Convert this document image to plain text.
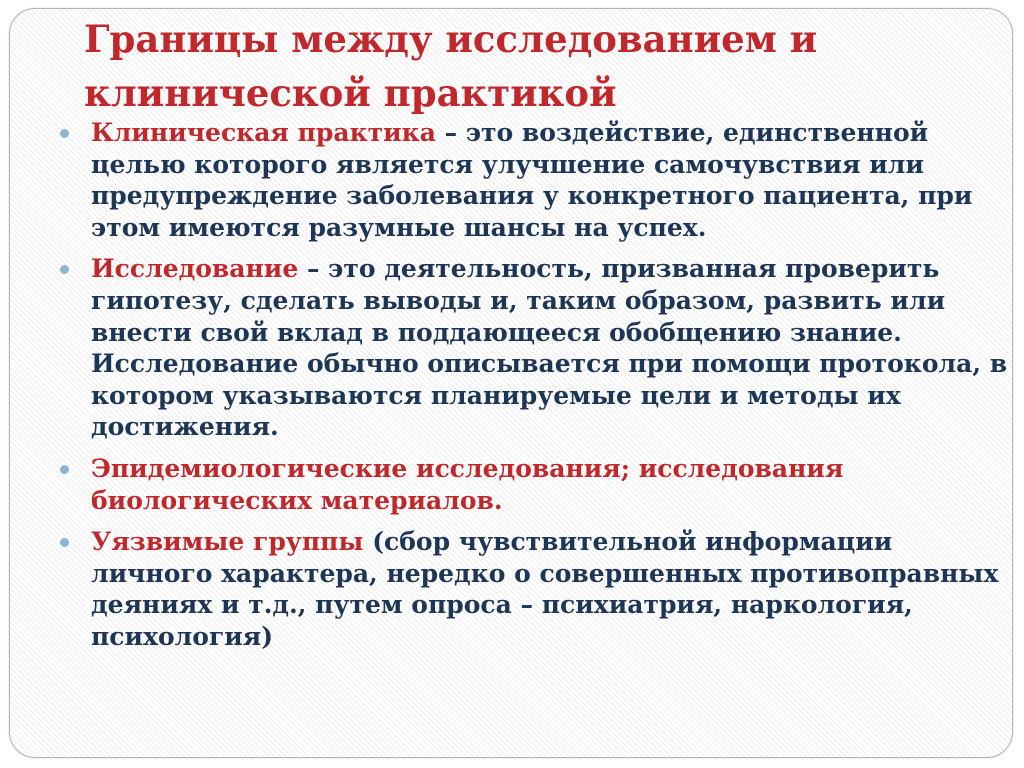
Границы между исследованием и клинической практикой
Клиническая практика – это воздействие, единственной целью которого является улучшение самочувствия или предупреждение заболевания у конкретного пациента, при этом имеются разумные шансы на успех.
Исследование – это деятельность, призванная проверить гипотезу, сделать выводы и, таким образом, развить или внести свой вклад в поддающееся обобщению знание. Исследование обычно описывается при помощи протокола, в котором указываются планируемые цели и методы их достижения.
Эпидемиологические исследования; исследования биологических материалов.
Уязвимые группы (сбор чувствительной информации личного характера, нередко о совершенных противоправных деяниях и т.д., путем опроса – психиатрия, наркология, психология)
